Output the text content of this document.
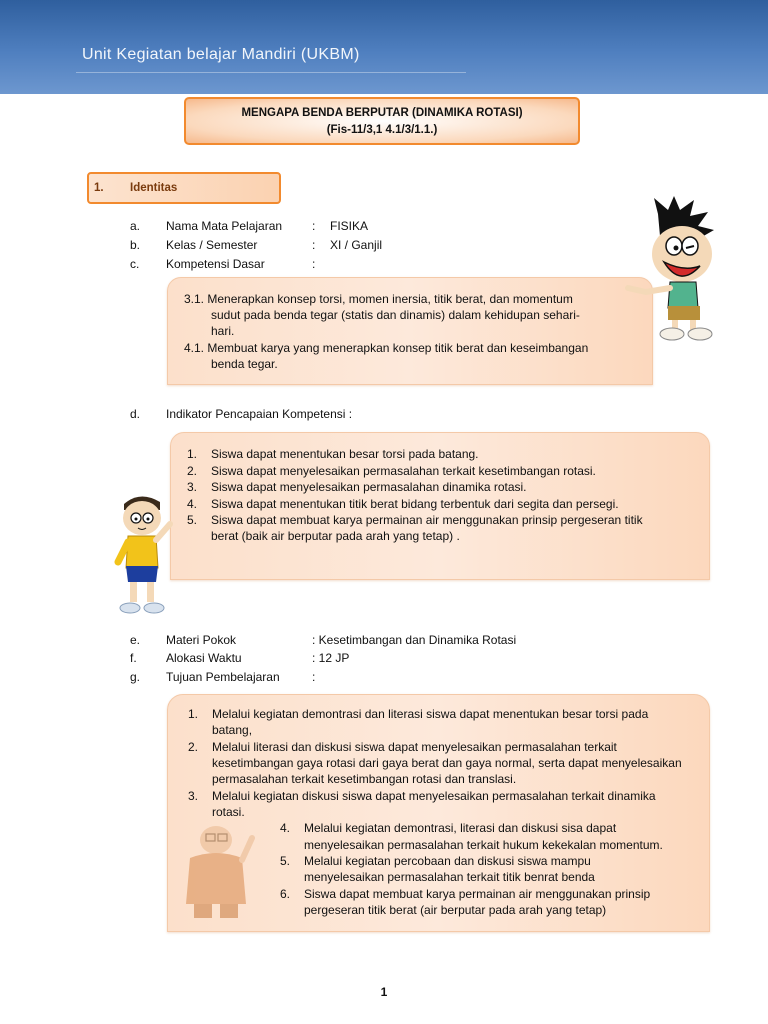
Unit Kegiatan belajar Mandiri (UKBM)
MENGAPA BENDA BERPUTAR (DINAMIKA ROTASI)
(Fis-11/3,1 4.1/3/1.1.)
1. Identitas
a. Nama Mata Pelajaran : FISIKA
b. Kelas / Semester	: XI / Ganjil
c. Kompetensi Dasar	:
3.1. Menerapkan konsep torsi, momen inersia, titik berat, dan momentum
sudut pada benda tegar (statis dan dinamis) dalam kehidupan sehari-
hari.
4.1. Membuat karya yang menerapkan konsep titik berat dan keseimbangan
benda tegar.
d. Indikator Pencapaian Kompetensi :
1. Siswa dapat menentukan besar torsi pada batang.
2. Siswa dapat menyelesaikan permasalahan terkait kesetimbangan rotasi.
3. Siswa dapat menyelesaikan permasalahan dinamika rotasi.
4. Siswa dapat menentukan titik berat bidang terbentuk dari segita dan persegi.
5. Siswa dapat membuat karya permainan air menggunakan prinsip pergeseran titik
berat (baik air berputar pada arah yang tetap) .
e. Materi Pokok	: Kesetimbangan dan Dinamika Rotasi
f. Alokasi Waktu	: 12 JP
g. Tujuan Pembelajaran	:
1. Melalui kegiatan demontrasi dan literasi siswa dapat menentukan besar torsi pada
batang,
2. Melalui literasi dan diskusi siswa dapat menyelesaikan permasalahan terkait
kesetimbangan gaya rotasi dari gaya berat dan gaya normal, serta dapat menyelesaikan
permasalahan terkait kesetimbangan rotasi dan translasi.
3. Melalui kegiatan diskusi siswa dapat menyelesaikan permasalahan terkait dinamika
rotasi.
4. Melalui kegiatan demontrasi, literasi dan diskusi sisa dapat
menyelesaikan permasalahan terkait hukum kekekalan momentum.
5. Melalui kegiatan percobaan dan diskusi siswa mampu
menyelesaikan permasalahan terkait titik benrat benda
6. Siswa dapat membuat karya permainan air menggunakan prinsip
pergeseran titik berat (air berputar pada arah yang tetap)
1
